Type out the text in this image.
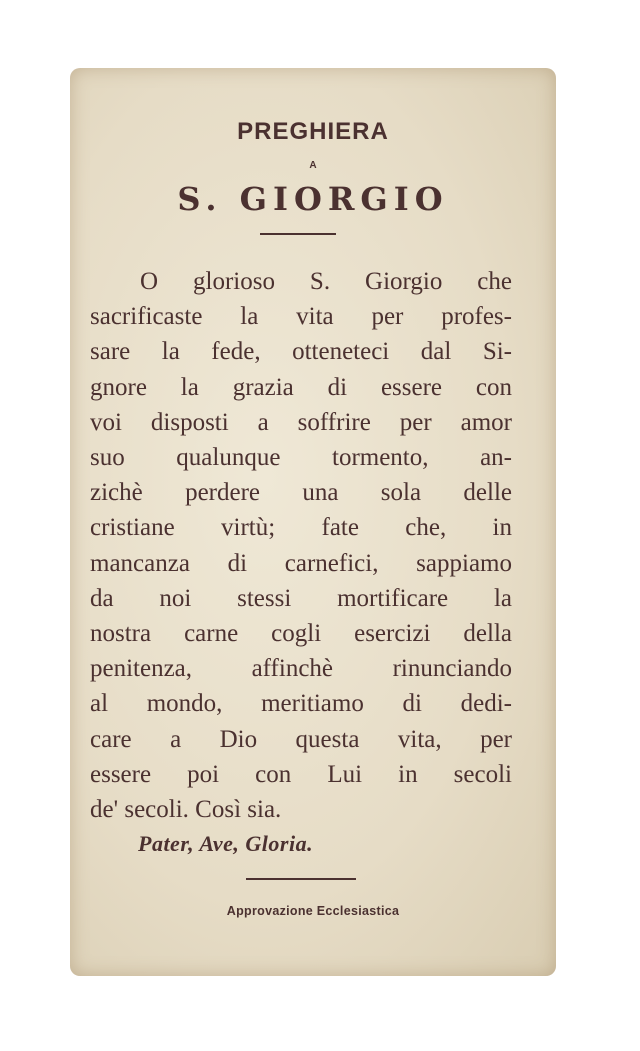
PREGHIERA
A
S. GIORGIO
O glorioso S. Giorgio che
sacrificaste la vita per profes-
sare la fede, otteneteci dal Si-
gnore la grazia di essere con
voi disposti a soffrire per amor
suo qualunque tormento, an-
zichè perdere una sola delle
cristiane virtù; fate che, in
mancanza di carnefici, sappiamo
da noi stessi mortificare la
nostra carne cogli esercizi della
penitenza, affinchè rinunciando
al mondo, meritiamo di dedi-
care a Dio questa vita, per
essere poi con Lui in secoli
de' secoli. Così sia.
Pater, Ave, Gloria.
Approvazione Ecclesiastica
